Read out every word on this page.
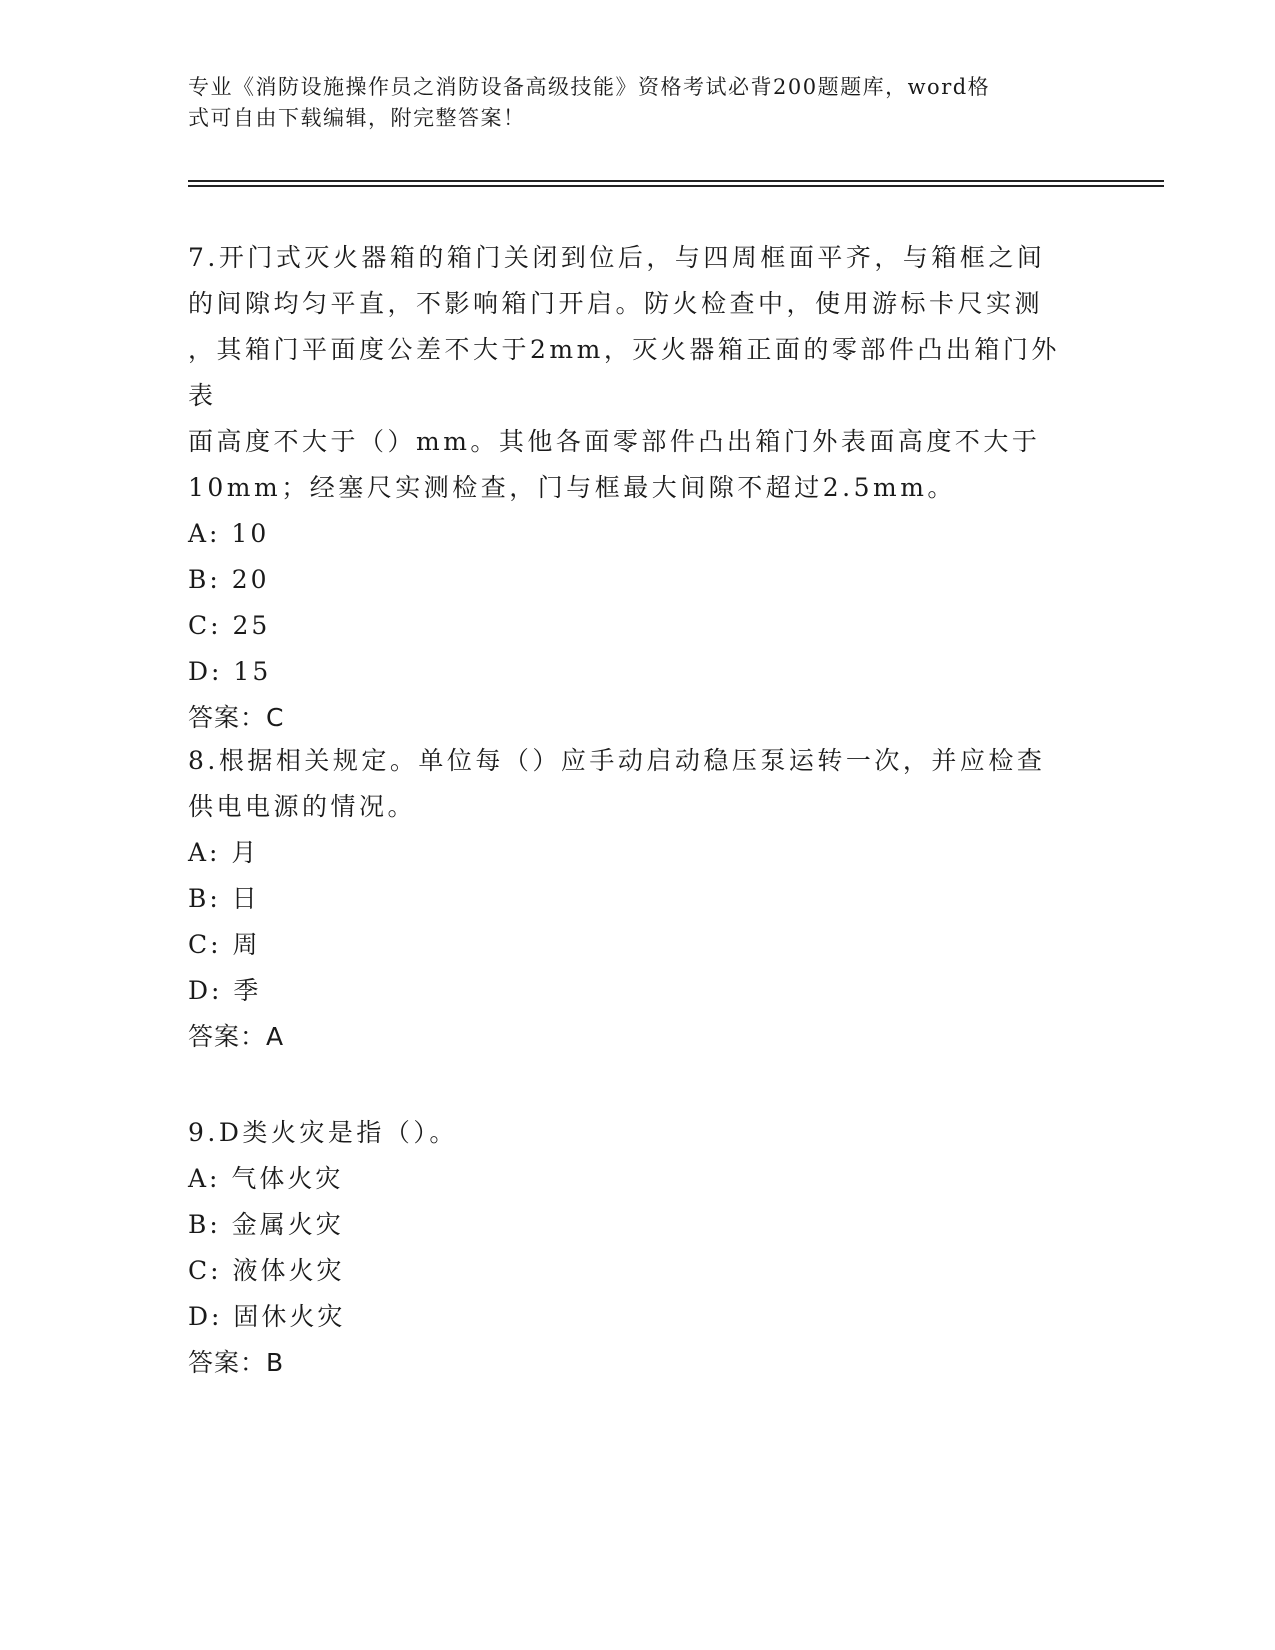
专业《消防设施操作员之消防设备高级技能》资格考试必背200题题库，word格
式可自由下载编辑，附完整答案！

7.开门式灭火器箱的箱门关闭到位后，与四周框面平齐，与箱框之间

的间隙均匀平直，不影响箱门开启。防火检查中，使用游标卡尺实测

，其箱门平面度公差不大于2mm，灭火器箱正面的零部件凸出箱门外表

面高度不大于（）mm。其他各面零部件凸出箱门外表面高度不大于

10mm；经塞尺实测检查，门与框最大间隙不超过2.5mm。

A: 10

B: 20

C: 25

D: 15

答案：C

8.根据相关规定。单位每（）应手动启动稳压泵运转一次，并应检查

供电电源的情况。

A: 月

B: 日

C: 周

D: 季

答案：A

9.D类火灾是指（）。

A: 气体火灾

B: 金属火灾

C: 液体火灾

D: 固休火灾

答案：B
